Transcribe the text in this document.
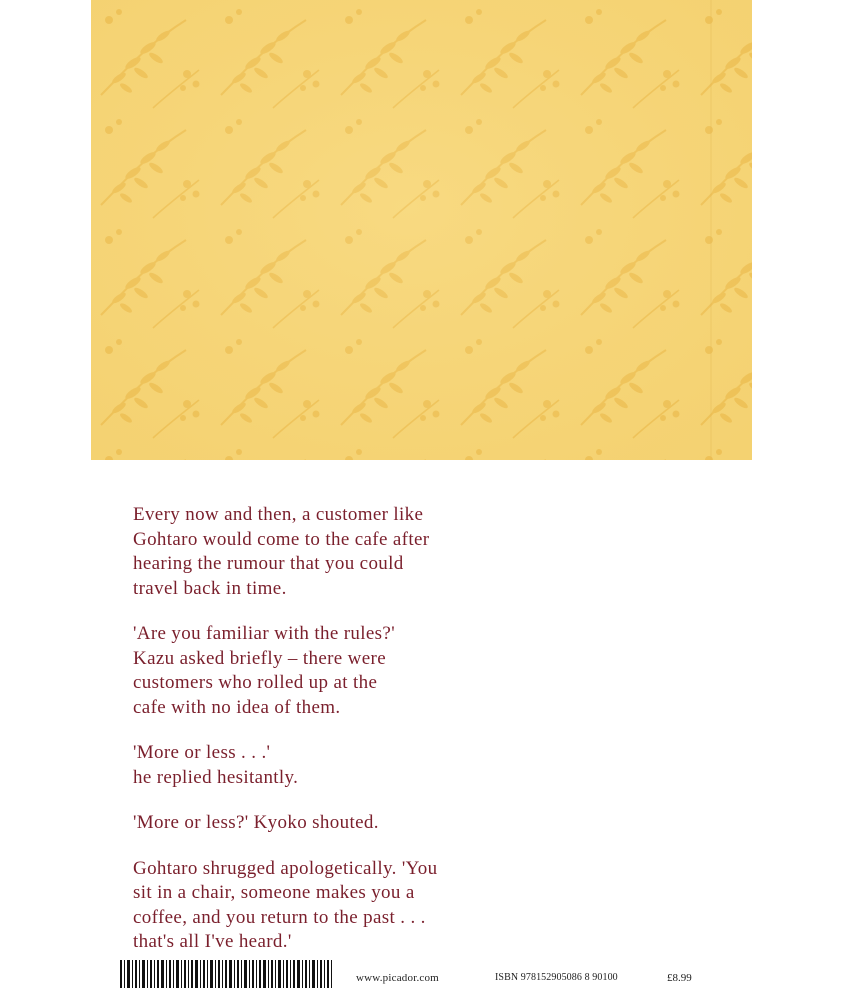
Every now and then, a customer like
Gohtaro would come to the cafe after
hearing the rumour that you could
travel back in time.

'Are you familiar with the rules?'
Kazu asked briefly – there were
customers who rolled up at the
cafe with no idea of them.

'More or less . . .'
he replied hesitantly.

'More or less?' Kyoko shouted.

Gohtaro shrugged apologetically. 'You
sit in a chair, someone makes you a
coffee, and you return to the past . . .
that's all I've heard.'

www.picador.com	ISBN 978152905086 8 90100	£8.99
